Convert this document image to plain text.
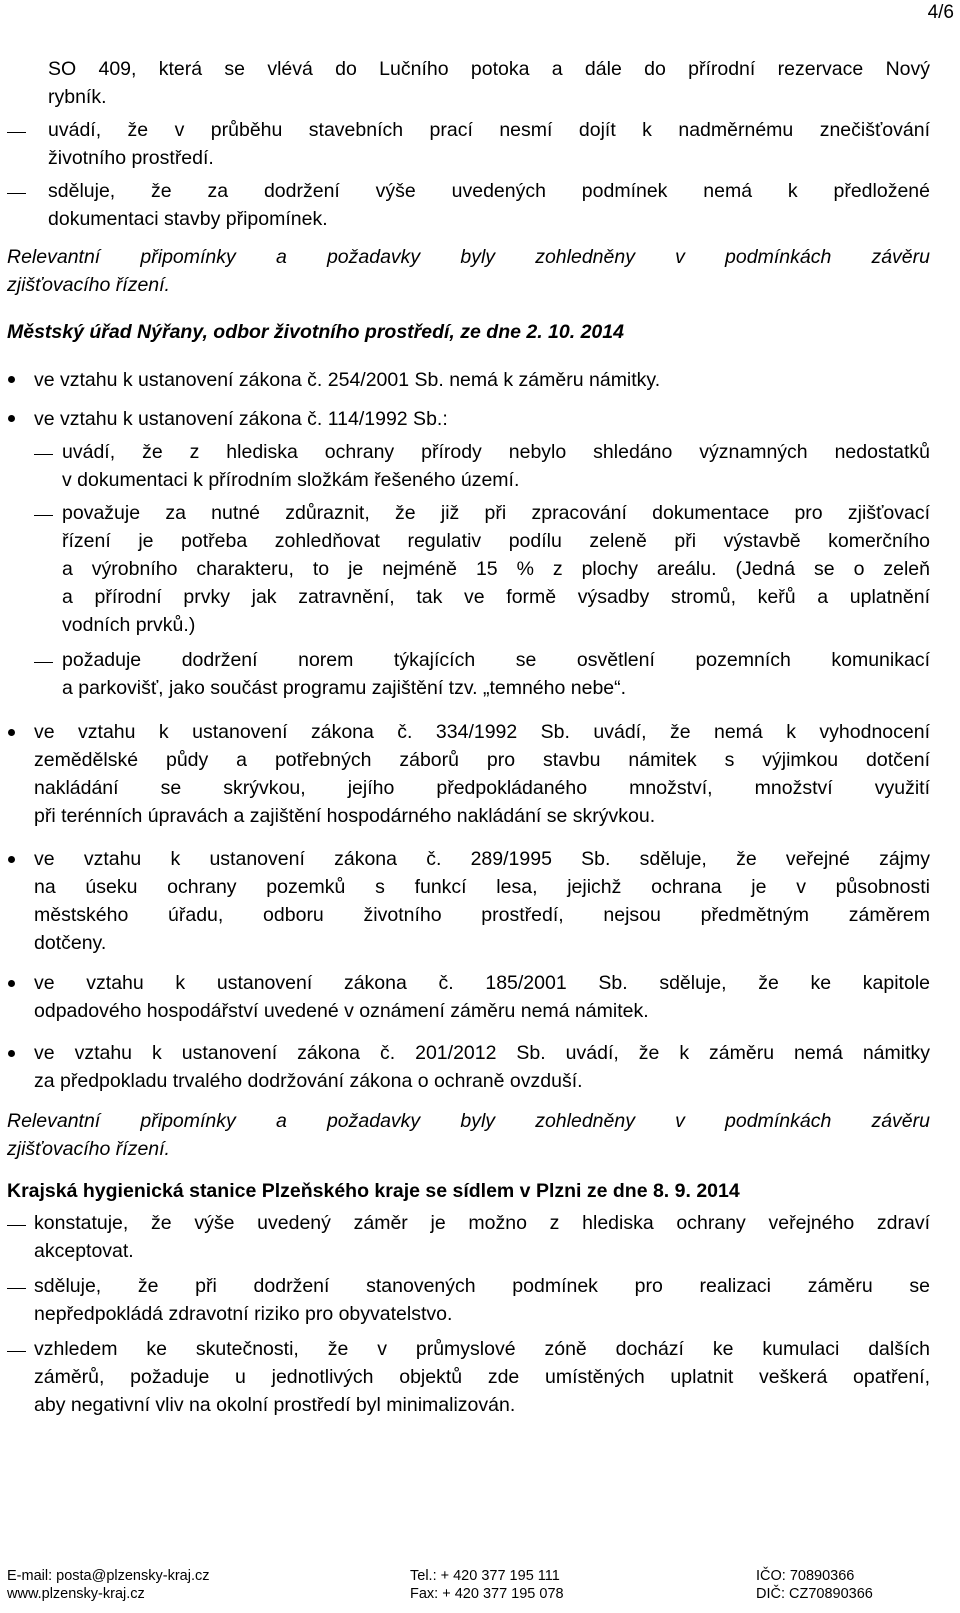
4/6
SO 409, která se vlévá do Lučního potoka a dále do přírodní rezervace Nový
rybník.
uvádí, že v průběhu stavebních prací nesmí dojít k nadměrnému znečišťování
životního prostředí.
sděluje, že za dodržení výše uvedených podmínek nemá k předložené
dokumentaci stavby připomínek.
Relevantní připomínky a požadavky byly zohledněny v podmínkách závěru
zjišťovacího řízení.
Městský úřad Nýřany, odbor životního prostředí, ze dne 2. 10. 2014
ve vztahu k ustanovení zákona č. 254/2001 Sb. nemá k záměru námitky.
ve vztahu k ustanovení zákona č. 114/1992 Sb.:
uvádí, že z hlediska ochrany přírody nebylo shledáno významných nedostatků
v dokumentaci k přírodním složkám řešeného území.
považuje za nutné zdůraznit, že již při zpracování dokumentace pro zjišťovací
řízení je potřeba zohledňovat regulativ podílu zeleně při výstavbě komerčního
a výrobního charakteru, to je nejméně 15 % z plochy areálu. (Jedná se o zeleň
a přírodní prvky jak zatravnění, tak ve formě výsadby stromů, keřů a uplatnění
vodních prvků.)
požaduje dodržení norem týkajících se osvětlení pozemních komunikací
a parkovišť, jako součást programu zajištění tzv. „temného nebe“.
ve vztahu k ustanovení zákona č. 334/1992 Sb. uvádí, že nemá k vyhodnocení
zemědělské půdy a potřebných záborů pro stavbu námitek s výjimkou dotčení
nakládání se skrývkou, jejího předpokládaného množství, množství využití
při terénních úpravách a zajištění hospodárného nakládání se skrývkou.
ve vztahu k ustanovení zákona č. 289/1995 Sb. sděluje, že veřejné zájmy
na úseku ochrany pozemků s funkcí lesa, jejichž ochrana je v působnosti
městského úřadu, odboru životního prostředí, nejsou předmětným záměrem
dotčeny.
ve vztahu k ustanovení zákona č. 185/2001 Sb. sděluje, že ke kapitole
odpadového hospodářství uvedené v oznámení záměru nemá námitek.
ve vztahu k ustanovení zákona č. 201/2012 Sb. uvádí, že k záměru nemá námitky
za předpokladu trvalého dodržování zákona o ochraně ovzduší.
Relevantní připomínky a požadavky byly zohledněny v podmínkách závěru
zjišťovacího řízení.
Krajská hygienická stanice Plzeňského kraje se sídlem v Plzni ze dne 8. 9. 2014
konstatuje, že výše uvedený záměr je možno z hlediska ochrany veřejného zdraví
akceptovat.
sděluje, že při dodržení stanovených podmínek pro realizaci záměru se
nepředpokládá zdravotní riziko pro obyvatelstvo.
vzhledem ke skutečnosti, že v průmyslové zóně dochází ke kumulaci dalších
záměrů, požaduje u jednotlivých objektů zde umístěných uplatnit veškerá opatření,
aby negativní vliv na okolní prostředí byl minimalizován.
E-mail: posta@plzensky-kraj.cz
www.plzensky-kraj.cz
Tel.: + 420 377 195 111
Fax: + 420 377 195 078
IČO: 70890366
DIČ: CZ70890366
